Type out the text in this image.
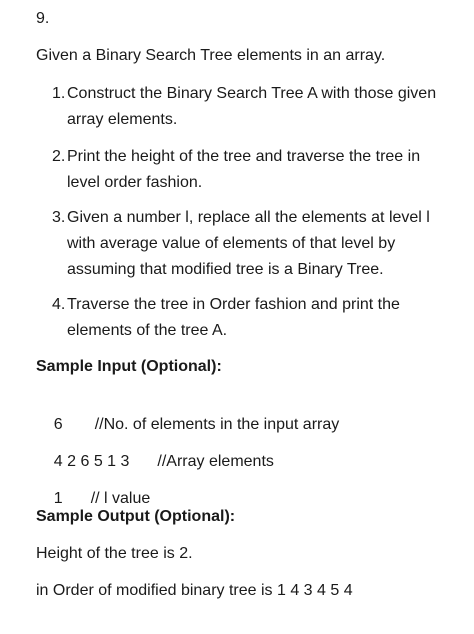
9.
Given a Binary Search Tree elements in an array.
1. Construct the Binary Search Tree A with those given array elements.
2. Print the height of the tree and traverse the tree in level order fashion.
3. Given a number l, replace all the elements at level l with average value of elements of that level by assuming that modified tree is a Binary Tree.
4. Traverse the tree in Order fashion and print the elements of the tree A.
Sample Input (Optional):

6 //No. of elements in the input array

4 2 6 5 1 3 //Array elements

1 // l value

Sample Output (Optional):
Height of the tree is 2.
in Order of modified binary tree is 1 4 3 4 5 4
